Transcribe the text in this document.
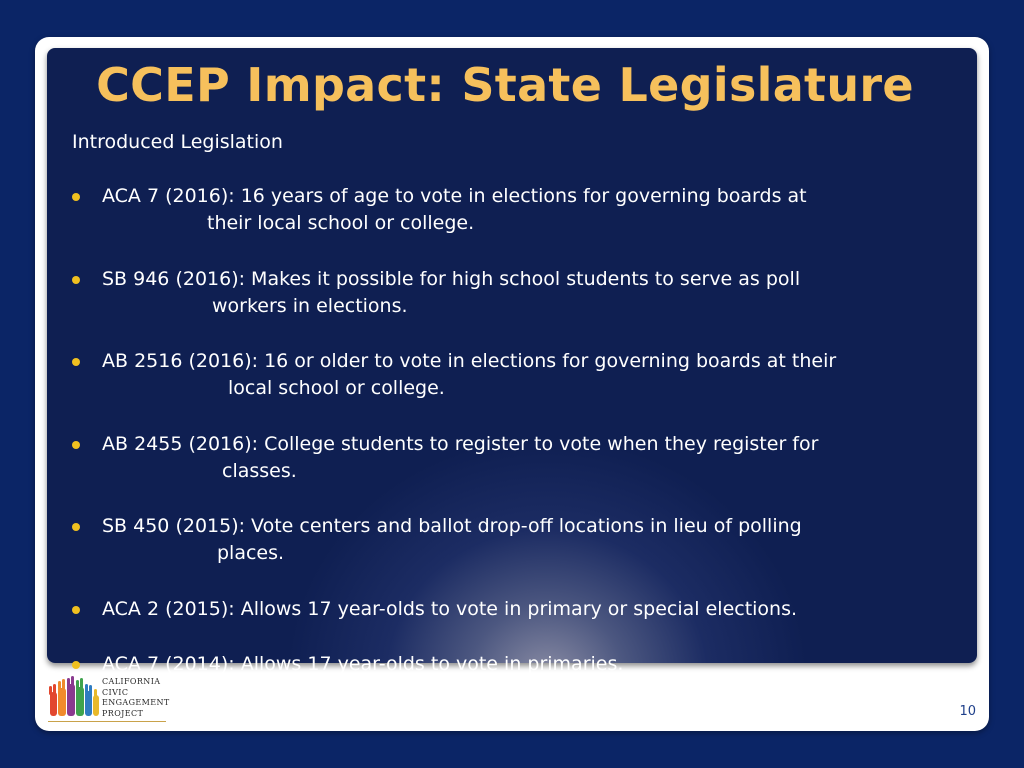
CCEP Impact: State Legislature

Introduced Legislation

ACA 7 (2016): 16 years of age to vote in elections for governing boards at
their local school or college.
SB 946 (2016): Makes it possible for high school students to serve as poll
workers in elections.
AB 2516 (2016): 16 or older to vote in elections for governing boards at their
local school or college.
AB 2455 (2016): College students to register to vote when they register for
classes.
SB 450 (2015): Vote centers and ballot drop-off locations in lieu of polling
places.
ACA 2 (2015): Allows 17 year-olds to vote in primary or special elections.
ACA 7 (2014): Allows 17 year-olds to vote in primaries.
CALIFORNIA
CIVIC
ENGAGEMENT
PROJECT	10
